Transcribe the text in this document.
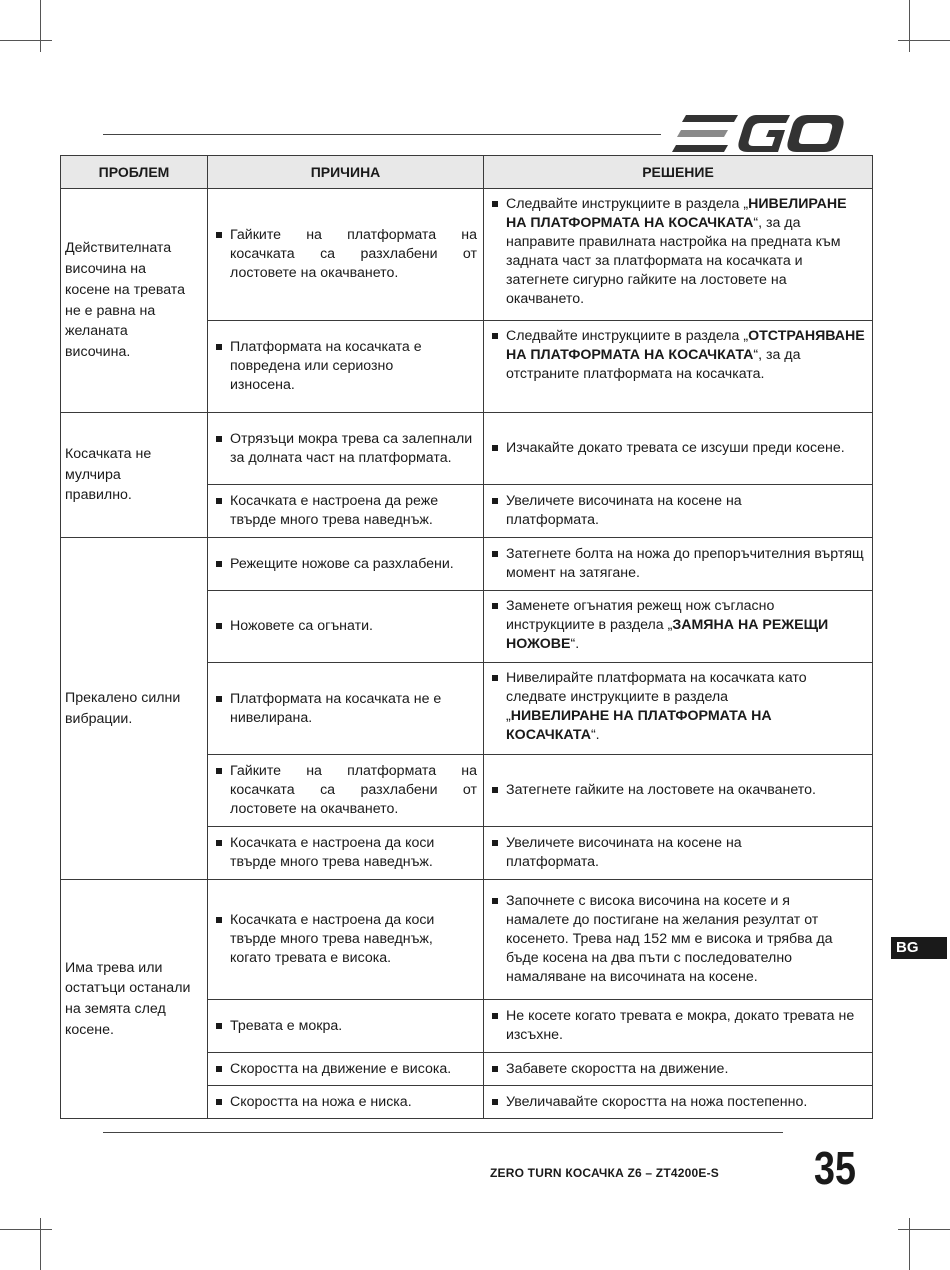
ПРОБЛЕМ	ПРИЧИНА	РЕШЕНИЕ

Действителната височина на косене на тревата не е равна на желаната височина.	Гайките на платформата на косачката са разхлабени от лостовете на окачването.	Следвайте инструкциите в раздела „НИВЕЛИРАНЕ НА ПЛАТФОРМАТА НА КОСАЧКАТА“, за да направите правилната настройка на предната към задната част за платформата на косачката и затегнете сигурно гайките на лостовете на окачването.

	Платформата на косачката е повредена или сериозно износена.	Следвайте инструкциите в раздела „ОТСТРАНЯВАНЕ НА ПЛАТФОРМАТА НА КОСАЧКАТА“, за да отстраните платформата на косачката.

Косачката не мулчира правилно.	Отрязъци мокра трева са залепнали за долната част на платформата.	Изчакайте докато тревата се изсуши преди косене.

	Косачката е настроена да реже твърде много трева наведнъж.	Увеличете височината на косене на платформата.

Прекалено силни вибрации.	Режещите ножове са разхлабени.	Затегнете болта на ножа до препоръчителния въртящ момент на затягане.

	Ножовете са огънати.	Заменете огънатия режещ нож съгласно инструкциите в раздела „ЗАМЯНА НА РЕЖЕЩИ НОЖОВЕ“.

	Платформата на косачката не е нивелирана.	Нивелирайте платформата на косачката като следвате инструкциите в раздела „НИВЕЛИРАНЕ НА ПЛАТФОРМАТА НА КОСАЧКАТА“.

	Гайките на платформата на косачката са разхлабени от лостовете на окачването.	Затегнете гайките на лостовете на окачването.

	Косачката е настроена да коси твърде много трева наведнъж.	Увеличете височината на косене на платформата.

Има трева или остатъци останали на земята след косене.	Косачката е настроена да коси твърде много трева наведнъж, когато тревата е висока.	Започнете с висока височина на косете и я намалете до постигане на желания резултат от косенето. Трева над 152 мм е висока и трябва да бъде косена на два пъти с последователно намаляване на височината на косене.

	Тревата е мокра.	Не косете когато тревата е мокра, докато тревата не изсъхне.

	Скоростта на движение е висока.	Забавете скоростта на движение.

	Скоростта на ножа е ниска.	Увеличавайте скоростта на ножа постепенно.
BG
ZERO TURN КОСАЧКА Z6 – ZT4200E-S 35
